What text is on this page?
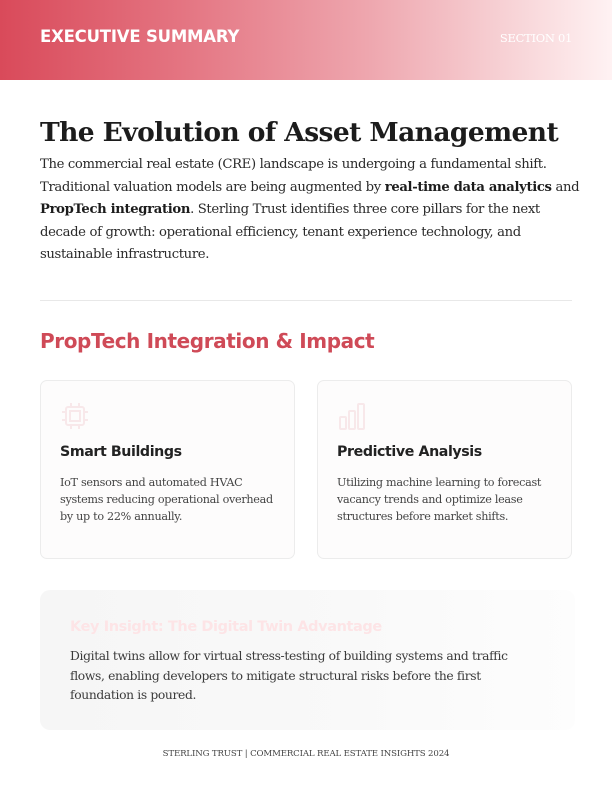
EXECUTIVE SUMMARY	SECTION 01
The Evolution of Asset Management

The commercial real estate (CRE) landscape is undergoing a fundamental shift. Traditional valuation models are being augmented by real-time data analytics and PropTech integration. Sterling Trust identifies three core pillars for the next decade of growth: operational efficiency, tenant experience technology, and sustainable infrastructure.

PropTech Integration & Impact
Smart Buildings
IoT sensors and automated HVAC systems reducing operational overhead by up to 22% annually.
Predictive Analysis
Utilizing machine learning to forecast vacancy trends and optimize lease structures before market shifts.
Key Insight: The Digital Twin Advantage
Digital twins allow for virtual stress-testing of building systems and traffic flows, enabling developers to mitigate structural risks before the first foundation is poured.
STERLING TRUST | COMMERCIAL REAL ESTATE INSIGHTS 2024
